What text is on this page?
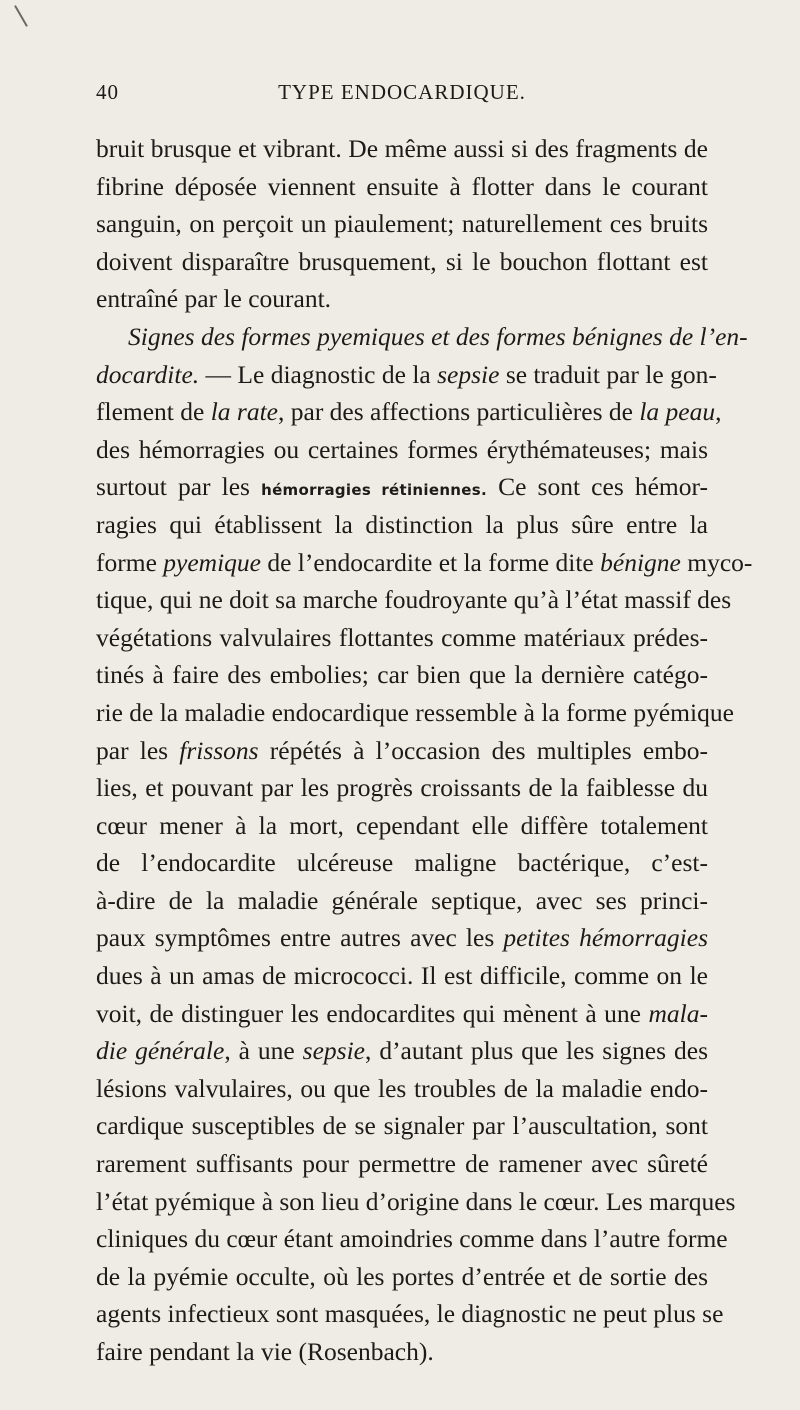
40	TYPE ENDOCARDIQUE.
bruit brusque et vibrant. De même aussi si des fragments de
fibrine déposée viennent ensuite à flotter dans le courant
sanguin, on perçoit un piaulement; naturellement ces bruits
doivent disparaître brusquement, si le bouchon flottant est
entraîné par le courant.
Signes des formes pyemiques et des formes bénignes de l’en-
docardite. — Le diagnostic de la sepsie se traduit par le gon-
flement de la rate, par des affections particulières de la peau,
des hémorragies ou certaines formes érythémateuses; mais
surtout par les hémorragies rétiniennes. Ce sont ces hémor-
ragies qui établissent la distinction la plus sûre entre la
forme pyemique de l’endocardite et la forme dite bénigne myco-
tique, qui ne doit sa marche foudroyante qu’à l’état massif des
végétations valvulaires flottantes comme matériaux prédes-
tinés à faire des embolies; car bien que la dernière catégo-
rie de la maladie endocardique ressemble à la forme pyémique
par les frissons répétés à l’occasion des multiples embo-
lies, et pouvant par les progrès croissants de la faiblesse du
cœur mener à la mort, cependant elle diffère totalement
de l’endocardite ulcéreuse maligne bactérique, c’est-
à-dire de la maladie générale septique, avec ses princi-
paux symptômes entre autres avec les petites hémorragies
dues à un amas de micrococci. Il est difficile, comme on le
voit, de distinguer les endocardites qui mènent à une mala-
die générale, à une sepsie, d’autant plus que les signes des
lésions valvulaires, ou que les troubles de la maladie endo-
cardique susceptibles de se signaler par l’auscultation, sont
rarement suffisants pour permettre de ramener avec sûreté
l’état pyémique à son lieu d’origine dans le cœur. Les marques
cliniques du cœur étant amoindries comme dans l’autre forme
de la pyémie occulte, où les portes d’entrée et de sortie des
agents infectieux sont masquées, le diagnostic ne peut plus se
faire pendant la vie (Rosenbach).
